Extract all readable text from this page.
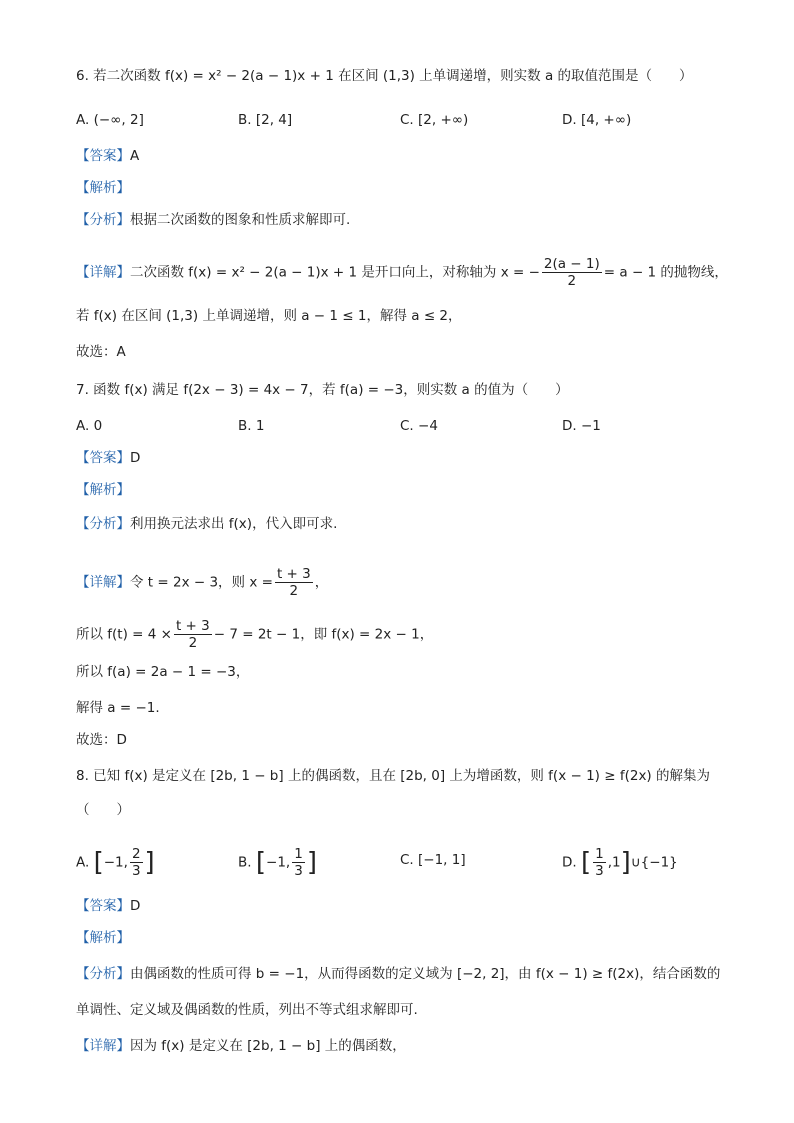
6. 若二次函数 f(x) = x² − 2(a − 1)x + 1 在区间 (1,3) 上单调递增，则实数 a 的取值范围是（　　）
A. (−∞, 2]	B. [2, 4]	C. [2, +∞)	D. [4, +∞)
【答案】A
【解析】
【分析】根据二次函数的图象和性质求解即可.
【详解】二次函数 f(x) = x² − 2(a − 1)x + 1 是开口向上，对称轴为 x = − $\frac{2(a - 1)}{2} = a - 1$ 的抛物线，
若 f(x) 在区间 (1,3) 上单调递增，则 a − 1 ≤ 1，解得 a ≤ 2，
故选：A
7. 函数 f(x) 满足 f(2x − 3) = 4x − 7，若 f(a) = −3，则实数 a 的值为（　　）
A. 0	B. 1	C. −4	D. −1
【答案】D
【解析】
【分析】利用换元法求出 f(x)，代入即可求.
【详解】令 t = 2x − 3，则 $x = \frac{t + 3}{2}$ ，
所以 $f(t) = 4 \times \frac{t + 3}{2} - 7 = 2t - 1$，即 f(x) = 2x − 1，
所以 f(a) = 2a − 1 = −3，
解得 a = −1.
故选：D
8. 已知 f(x) 是定义在 [2b, 1 − b] 上的偶函数，且在 [2b, 0] 上为增函数，则 f(x − 1) ≥ f(2x) 的解集为
（　　）
A. [−1, $\frac{2}{3}$ ]	B. [−1, $\frac{1}{3}$ ]	C. [−1, 1]	D. [ $\frac{1}{3}$ ,1]∪{−1}
【答案】D
【解析】
【分析】由偶函数的性质可得 b = −1，从而得函数的定义域为 [−2, 2]，由 f(x − 1) ≥ f(2x)，结合函数的
单调性、定义域及偶函数的性质，列出不等式组求解即可.
【详解】因为 f(x) 是定义在 [2b, 1 − b] 上的偶函数，
